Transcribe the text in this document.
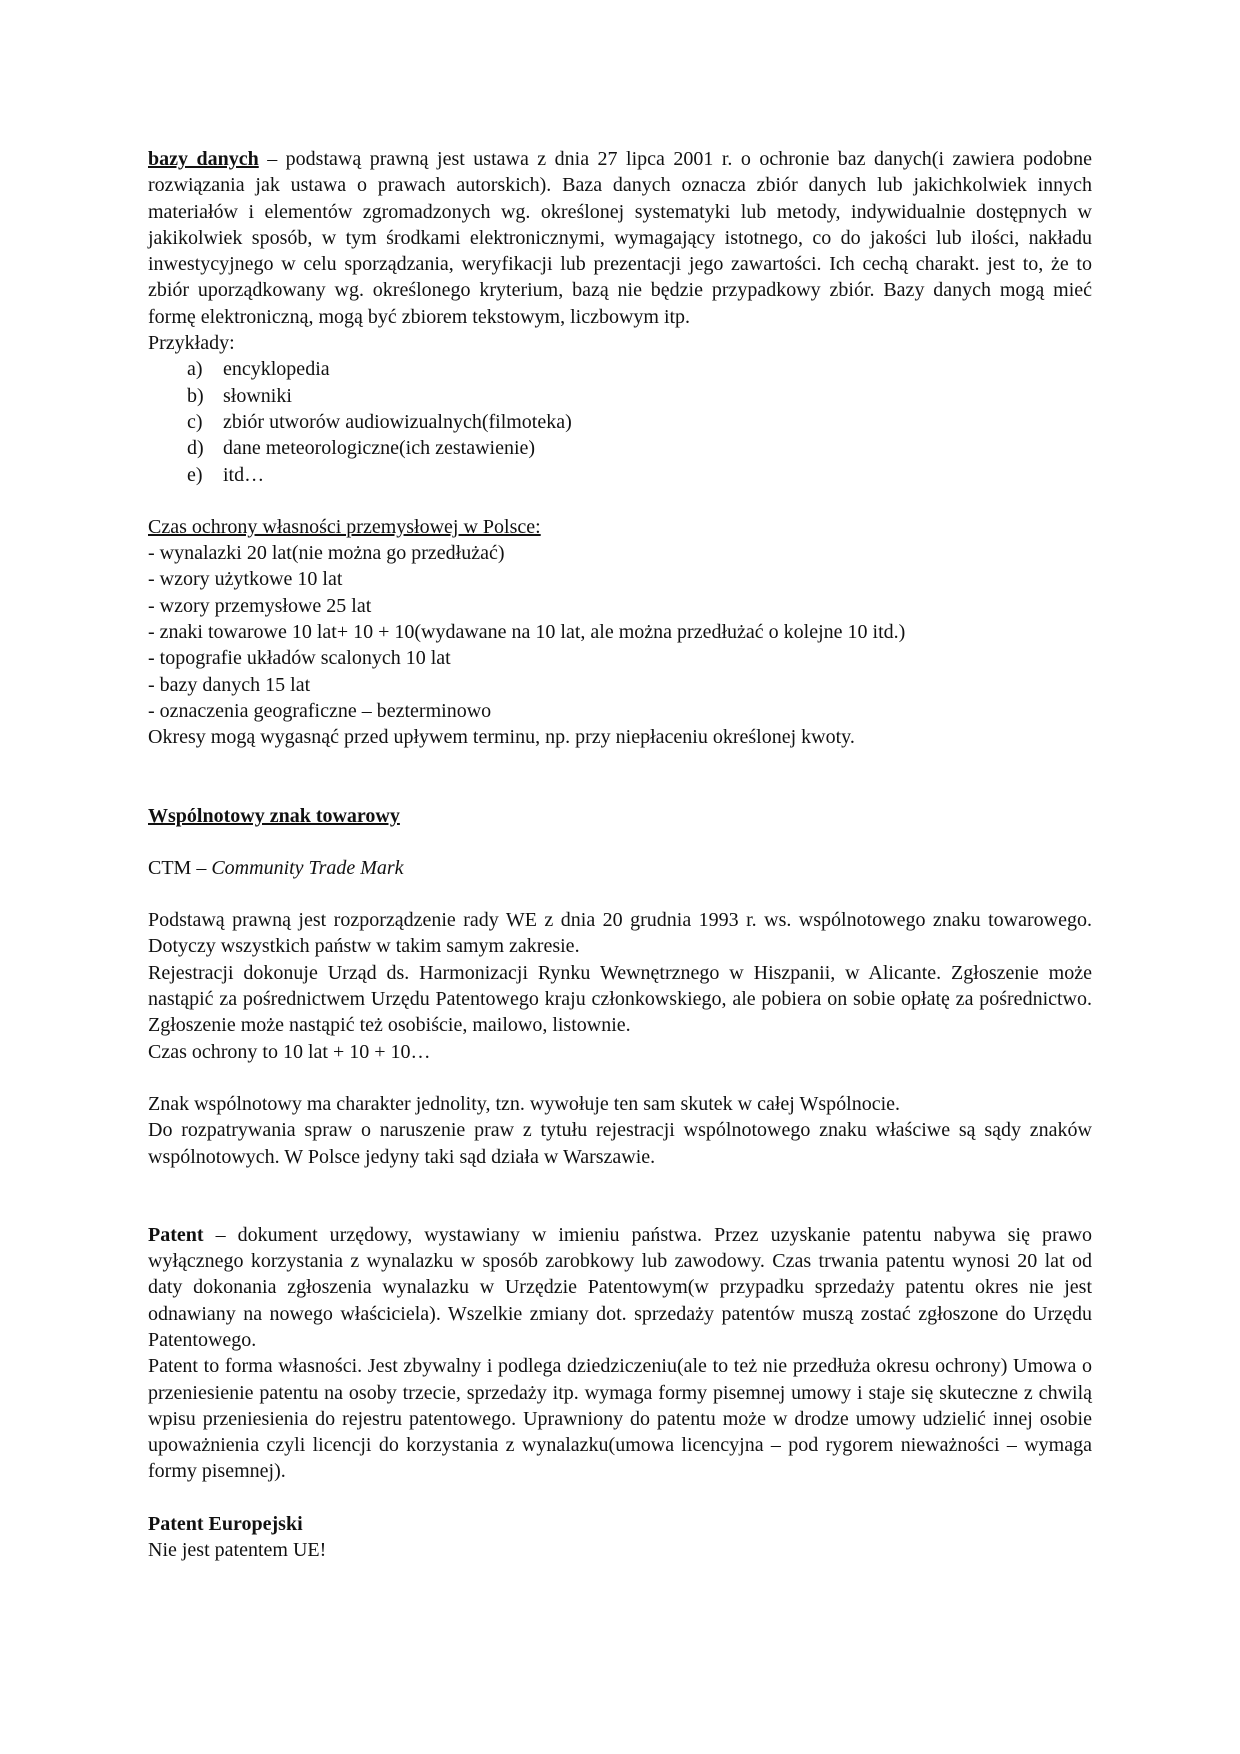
bazy danych – podstawą prawną jest ustawa z dnia 27 lipca 2001 r. o ochronie baz danych(i zawiera podobne rozwiązania jak ustawa o prawach autorskich). Baza danych oznacza zbiór danych lub jakichkolwiek innych materiałów i elementów zgromadzonych wg. określonej systematyki lub metody, indywidualnie dostępnych w jakikolwiek sposób, w tym środkami elektronicznymi, wymagający istotnego, co do jakości lub ilości, nakładu inwestycyjnego w celu sporządzania, weryfikacji lub prezentacji jego zawartości. Ich cechą charakt. jest to, że to zbiór uporządkowany wg. określonego kryterium, bazą nie będzie przypadkowy zbiór. Bazy danych mogą mieć formę elektroniczną, mogą być zbiorem tekstowym, liczbowym itp.

Przykłady:

a)	encyklopedia
b) słowniki
c)	zbiór utworów audiowizualnych(filmoteka)
d) dane meteorologiczne(ich zestawienie)
e)	itd…

Czas ochrony własności przemysłowej w Polsce:

- wynalazki 20 lat(nie można go przedłużać)

- wzory użytkowe 10 lat

- wzory przemysłowe 25 lat

- znaki towarowe 10 lat+ 10 + 10(wydawane na 10 lat, ale można przedłużać o kolejne 10 itd.)

- topografie układów scalonych 10 lat

- bazy danych 15 lat

- oznaczenia geograficzne – bezterminowo

Okresy mogą wygasnąć przed upływem terminu, np. przy niepłaceniu określonej kwoty.

Wspólnotowy znak towarowy

CTM – Community Trade Mark

Podstawą prawną jest rozporządzenie rady WE z dnia 20 grudnia 1993 r. ws. wspólnotowego znaku towarowego. Dotyczy wszystkich państw w takim samym zakresie.

Rejestracji dokonuje Urząd ds. Harmonizacji Rynku Wewnętrznego w Hiszpanii, w Alicante. Zgłoszenie może nastąpić za pośrednictwem Urzędu Patentowego kraju członkowskiego, ale pobiera on sobie opłatę za pośrednictwo. Zgłoszenie może nastąpić też osobiście, mailowo, listownie.

Czas ochrony to 10 lat + 10 + 10…

Znak wspólnotowy ma charakter jednolity, tzn. wywołuje ten sam skutek w całej Wspólnocie.

Do rozpatrywania spraw o naruszenie praw z tytułu rejestracji wspólnotowego znaku właściwe są sądy znaków wspólnotowych. W Polsce jedyny taki sąd działa w Warszawie.

Patent – dokument urzędowy, wystawiany w imieniu państwa. Przez uzyskanie patentu nabywa się prawo wyłącznego korzystania z wynalazku w sposób zarobkowy lub zawodowy. Czas trwania patentu wynosi 20 lat od daty dokonania zgłoszenia wynalazku w Urzędzie Patentowym(w przypadku sprzedaży patentu okres nie jest odnawiany na nowego właściciela). Wszelkie zmiany dot. sprzedaży patentów muszą zostać zgłoszone do Urzędu Patentowego.

Patent to forma własności. Jest zbywalny i podlega dziedziczeniu(ale to też nie przedłuża okresu ochrony) Umowa o przeniesienie patentu na osoby trzecie, sprzedaży itp. wymaga formy pisemnej umowy i staje się skuteczne z chwilą wpisu przeniesienia do rejestru patentowego. Uprawniony do patentu może w drodze umowy udzielić innej osobie upoważnienia czyli licencji do korzystania z wynalazku(umowa licencyjna – pod rygorem nieważności – wymaga formy pisemnej).

Patent Europejski

Nie jest patentem UE!
